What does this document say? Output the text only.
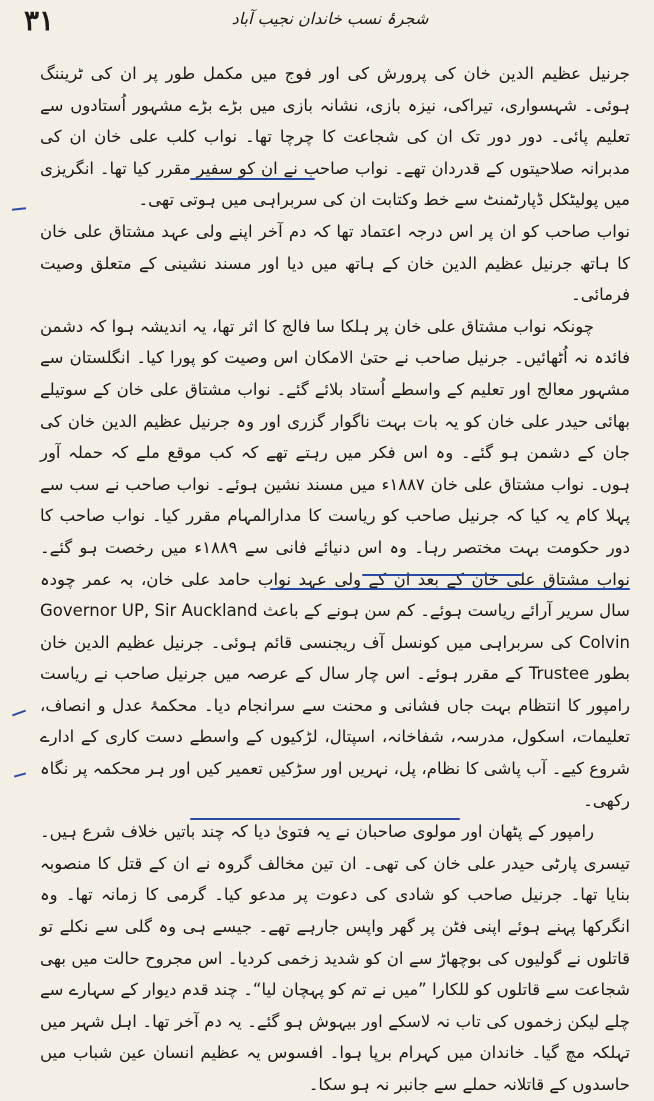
۳۱	شجرۂ نسب خاندان نجیب آباد

جرنیل عظیم الدین خان کی پرورش کی اور فوج میں مکمل طور پر ان کی ٹریننگ ہوئی۔ شہسواری، تیراکی، نیزہ بازی، نشانہ بازی میں بڑے بڑے مشہور اُستادوں سے تعلیم پائی۔ دور دور تک ان کی شجاعت کا چرچا تھا۔ نواب کلب علی خان ان کی مدبرانہ صلاحیتوں کے قدردان تھے۔ نواب صاحب نے ان کو سفیر مقرر کیا تھا۔ انگریزی میں پولیٹکل ڈپارٹمنٹ سے خط وکتابت ان کی سربراہی میں ہوتی تھی۔

نواب صاحب کو ان پر اس درجہ اعتماد تھا کہ دم آخر اپنے ولی عہد مشتاق علی خان کا ہاتھ جرنیل عظیم الدین خان کے ہاتھ میں دیا اور مسند نشینی کے متعلق وصیت فرمائی۔

چونکہ نواب مشتاق علی خان پر ہلکا سا فالج کا اثر تھا، یہ اندیشہ ہوا کہ دشمن فائدہ نہ اُٹھائیں۔ جرنیل صاحب نے حتیٰ الامکان اس وصیت کو پورا کیا۔ انگلستان سے مشہور معالج اور تعلیم کے واسطے اُستاد بلائے گئے۔ نواب مشتاق علی خان کے سوتیلے بھائی حیدر علی خان کو یہ بات بہت ناگوار گزری اور وہ جرنیل عظیم الدین خان کی جان کے دشمن ہو گئے۔ وہ اس فکر میں رہتے تھے کہ کب موقع ملے کہ حملہ آور ہوں۔ نواب مشتاق علی خان ۱۸۸۷ء میں مسند نشین ہوئے۔ نواب صاحب نے سب سے پہلا کام یہ کیا کہ جرنیل صاحب کو ریاست کا مدارالمہام مقرر کیا۔ نواب صاحب کا دور حکومت بہت مختصر رہا۔ وہ اس دنیائے فانی سے ۱۸۸۹ء میں رخصت ہو گئے۔ نواب مشتاق علی خان کے بعد ان کے ولی عہد نواب حامد علی خان، بہ عمر چودہ سال سریر آرائے ریاست ہوئے۔ کم سن ہونے کے باعث Governor UP, Sir Auckland Colvin کی سربراہی میں کونسل آف ریجنسی قائم ہوئی۔ جرنیل عظیم الدین خان بطور Trustee کے مقرر ہوئے۔ اس چار سال کے عرصہ میں جرنیل صاحب نے ریاست رامپور کا انتظام بہت جاں فشانی و محنت سے سرانجام دیا۔ محکمۂ عدل و انصاف، تعلیمات، اسکول، مدرسہ، شفاخانہ، اسپتال، لڑکیوں کے واسطے دست کاری کے ادارے شروع کیے۔ آب پاشی کا نظام، پل، نہریں اور سڑکیں تعمیر کیں اور ہر محکمہ پر نگاہ رکھی۔

رامپور کے پٹھان اور مولوی صاحبان نے یہ فتویٰ دیا کہ چند باتیں خلاف شرع ہیں۔ تیسری پارٹی حیدر علی خان کی تھی۔ ان تین مخالف گروہ نے ان کے قتل کا منصوبہ بنایا تھا۔ جرنیل صاحب کو شادی کی دعوت پر مدعو کیا۔ گرمی کا زمانہ تھا۔ وہ انگرکھا پہنے ہوئے اپنی فٹن پر گھر واپس جارہے تھے۔ جیسے ہی وہ گلی سے نکلے تو قاتلوں نے گولیوں کی بوچھاڑ سے ان کو شدید زخمی کردیا۔ اس مجروح حالت میں بھی شجاعت سے قاتلوں کو للکارا ”میں نے تم کو پہچان لیا“۔ چند قدم دیوار کے سہارے سے چلے لیکن زخموں کی تاب نہ لاسکے اور بیہوش ہو گئے۔ یہ دم آخر تھا۔ اہل شہر میں تہلکہ مچ گیا۔ خاندان میں کہرام برپا ہوا۔ افسوس یہ عظیم انسان عین شباب میں حاسدوں کے قاتلانہ حملے سے جانبر نہ ہو سکا۔
